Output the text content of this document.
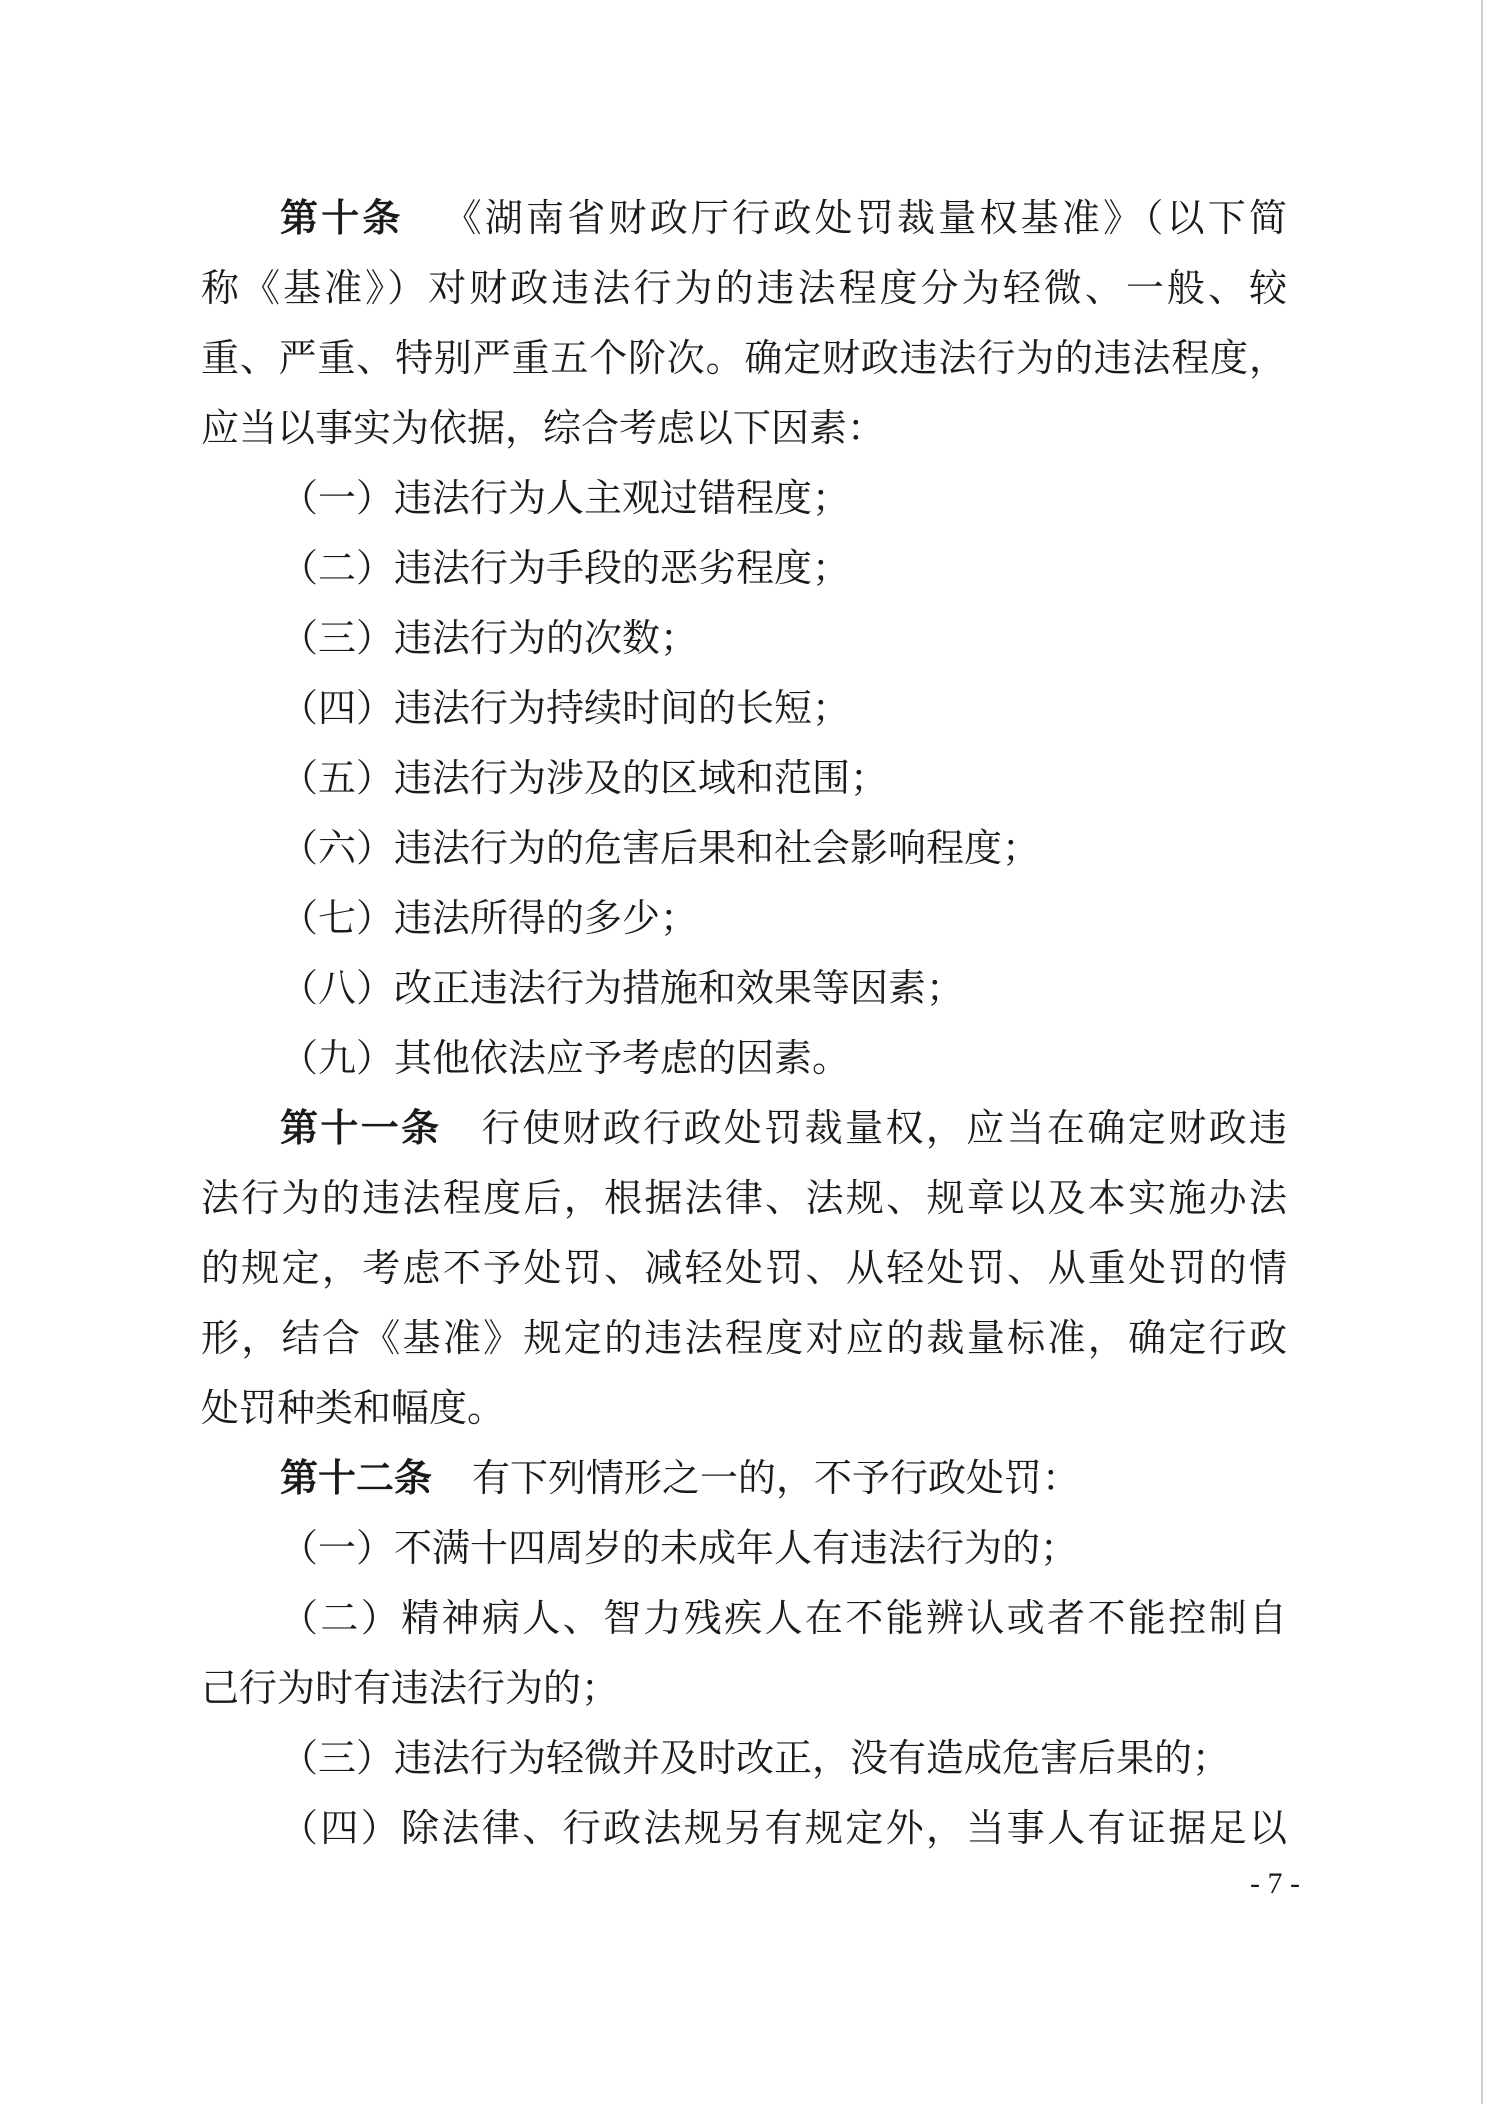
第十条 《湖南省财政厅行政处罚裁量权基准》（以下简
称《基准》）对财政违法行为的违法程度分为轻微、一般、较
重、严重、特别严重五个阶次。确定财政违法行为的违法程度，
应当以事实为依据，综合考虑以下因素：
（一）违法行为人主观过错程度；
（二）违法行为手段的恶劣程度；
（三）违法行为的次数；
（四）违法行为持续时间的长短；
（五）违法行为涉及的区域和范围；
（六）违法行为的危害后果和社会影响程度；
（七）违法所得的多少；
（八）改正违法行为措施和效果等因素；
（九）其他依法应予考虑的因素。
第十一条 行使财政行政处罚裁量权，应当在确定财政违
法行为的违法程度后，根据法律、法规、规章以及本实施办法
的规定，考虑不予处罚、减轻处罚、从轻处罚、从重处罚的情
形，结合《基准》规定的违法程度对应的裁量标准，确定行政
处罚种类和幅度。
第十二条 有下列情形之一的，不予行政处罚：
（一）不满十四周岁的未成年人有违法行为的；
（二）精神病人、智力残疾人在不能辨认或者不能控制自
己行为时有违法行为的；
（三）违法行为轻微并及时改正，没有造成危害后果的；
（四）除法律、行政法规另有规定外，当事人有证据足以
- 7 -
